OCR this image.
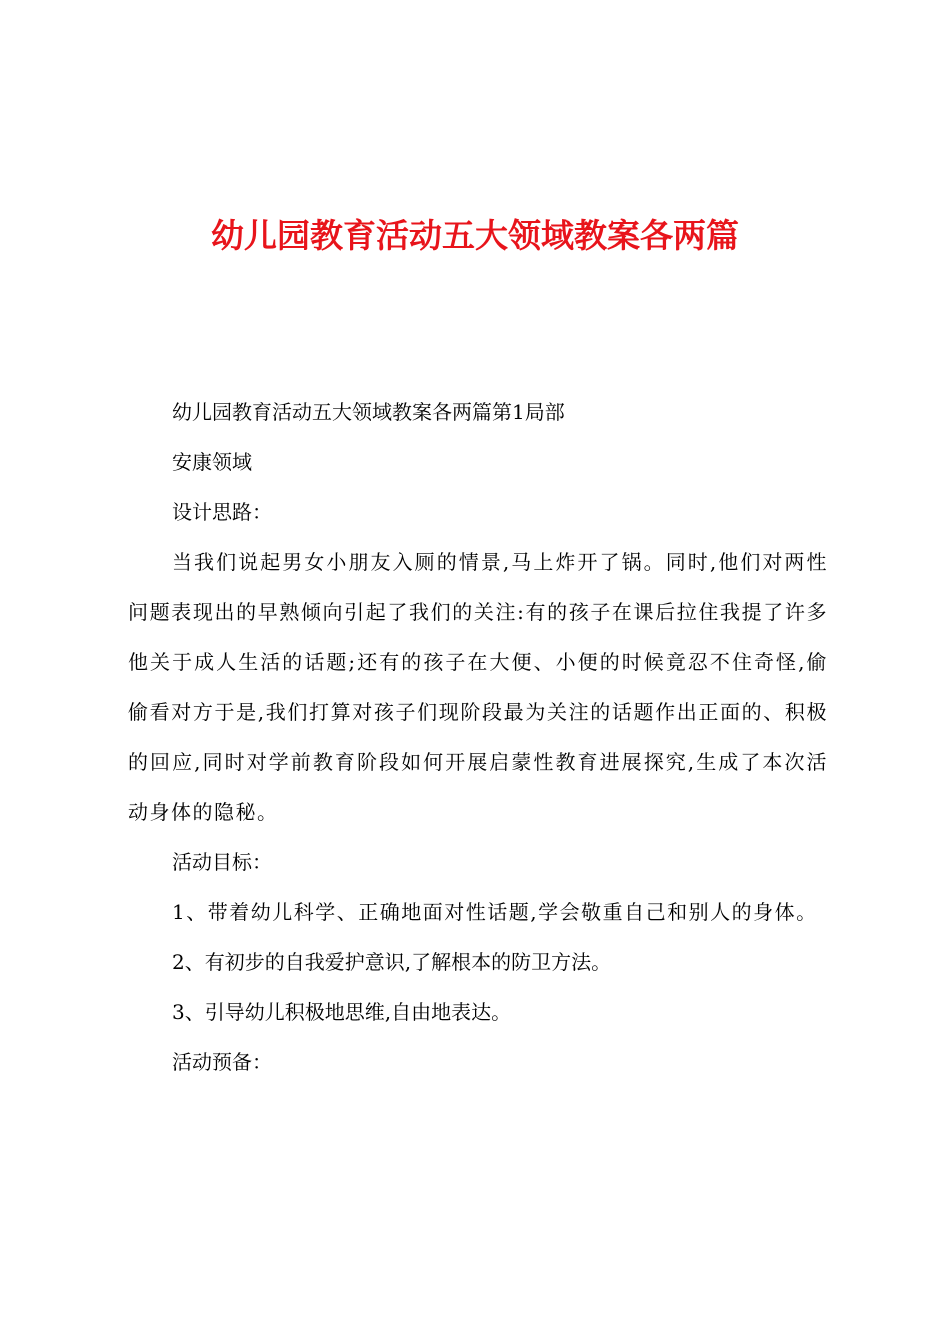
幼儿园教育活动五大领域教案各两篇

幼儿园教育活动五大领域教案各两篇第1局部

安康领域

设计思路：

当我们说起男女小朋友入厕的情景,马上炸开了锅。同时,他们对两性问题表现出的早熟倾向引起了我们的关注:有的孩子在课后拉住我提了许多他关于成人生活的话题;还有的孩子在大便、小便的时候竟忍不住奇怪,偷偷看对方于是,我们打算对孩子们现阶段最为关注的话题作出正面的、积极的回应,同时对学前教育阶段如何开展启蒙性教育进展探究,生成了本次活动身体的隐秘。

活动目标：

1、带着幼儿科学、正确地面对性话题,学会敬重自己和别人的身体。

2、有初步的自我爱护意识,了解根本的防卫方法。

3、引导幼儿积极地思维,自由地表达。

活动预备：
